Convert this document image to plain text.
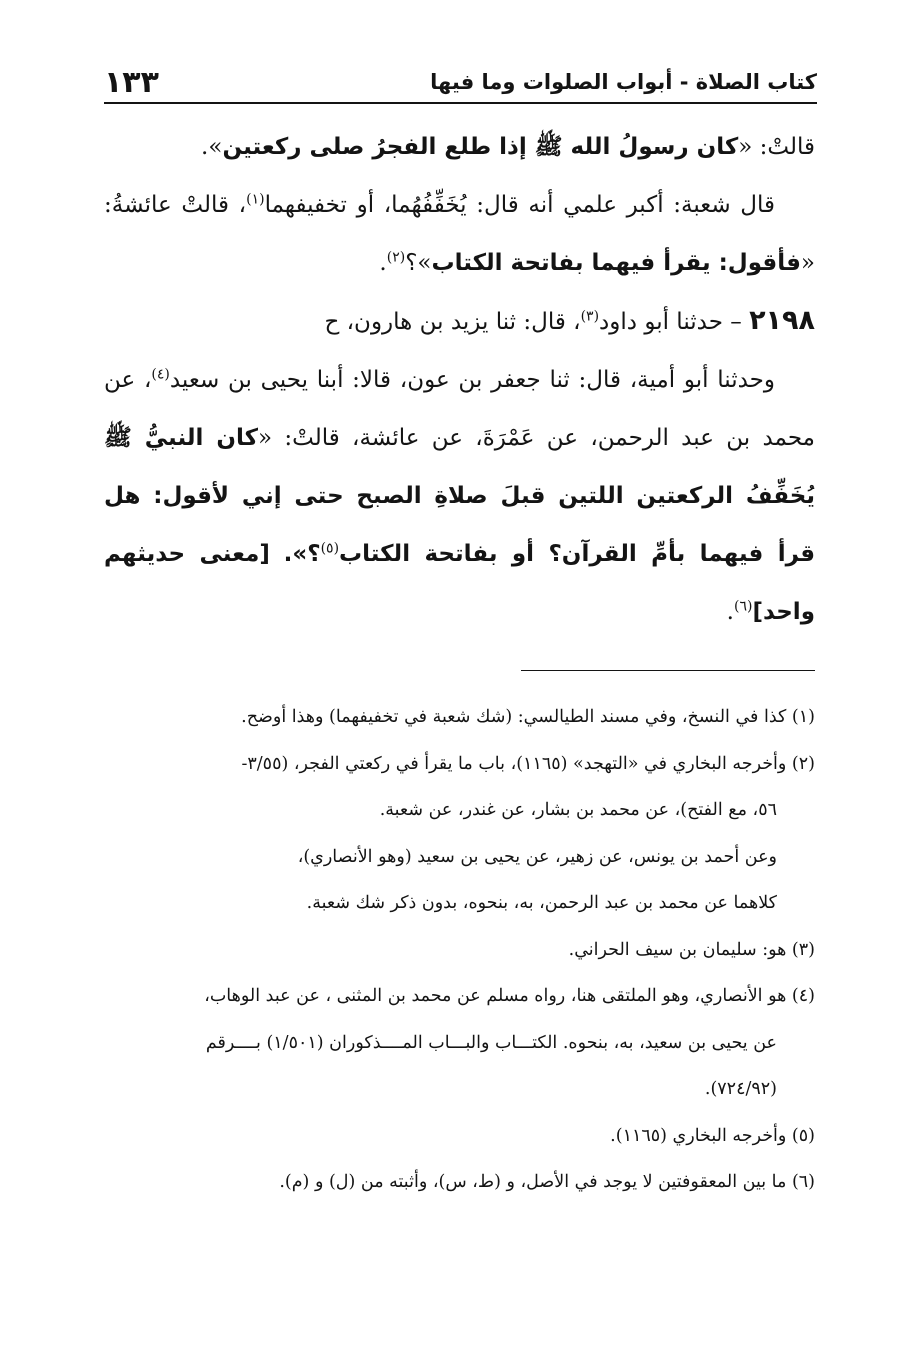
كتاب الصلاة - أبواب الصلوات وما فيها
١٣٣

قالتْ: «كان رسولُ الله ﷺ إذا طلع الفجرُ صلى ركعتين».

قال شعبة: أكبر علمي أنه قال: يُخَفِّفُهُما، أو تخفيفهما$^{(١)}$، قالتْ عائشةُ: «فأقول: يقرأ فيهما بفاتحة الكتاب»؟$^{(٢)}$.

٢١٩٨ – حدثنا أبو داود$^{(٣)}$، قال: ثنا يزيد بن هارون، ح

وحدثنا أبو أمية، قال: ثنا جعفر بن عون، قالا: أبنا يحيى بن سعيد$^{(٤)}$، عن محمد بن عبد الرحمن، عن عَمْرَةَ، عن عائشة، قالتْ: «كان النبيُّ ﷺ يُخَفِّفُ الركعتين اللتين قبلَ صلاةِ الصبح حتى إني لأقول: هل قرأ فيهما بأمِّ القرآن؟ أو بفاتحة الكتاب$^{(٥)}$؟». [معنى حديثهم واحد]$^{(٦)}$.

(١) كذا في النسخ، وفي مسند الطيالسي: (شك شعبة في تخفيفهما) وهذا أوضح.

(٢) وأخرجه البخاري في «التهجد» (١١٦٥)، باب ما يقرأ في ركعتي الفجر، (٣/٥٥-

٥٦، مع الفتح)، عن محمد بن بشار، عن غندر، عن شعبة.

وعن أحمد بن يونس، عن زهير، عن يحيى بن سعيد (وهو الأنصاري)،

كلاهما عن محمد بن عبد الرحمن، به، بنحوه، بدون ذكر شك شعبة.

(٣) هو: سليمان بن سيف الحراني.

(٤) هو الأنصاري، وهو الملتقى هنا، رواه مسلم عن محمد بن المثنى ، عن عبد الوهاب،

عن يحيى بن سعيد، به، بنحوه. الكتـــاب والبـــاب المــــذكوران (١/٥٠١) بــــرقم

(٧٢٤/٩٢).

(٥) وأخرجه البخاري (١١٦٥).

(٦) ما بين المعقوفتين لا يوجد في الأصل، و (ط، س)، وأثبته من (ل) و (م).
